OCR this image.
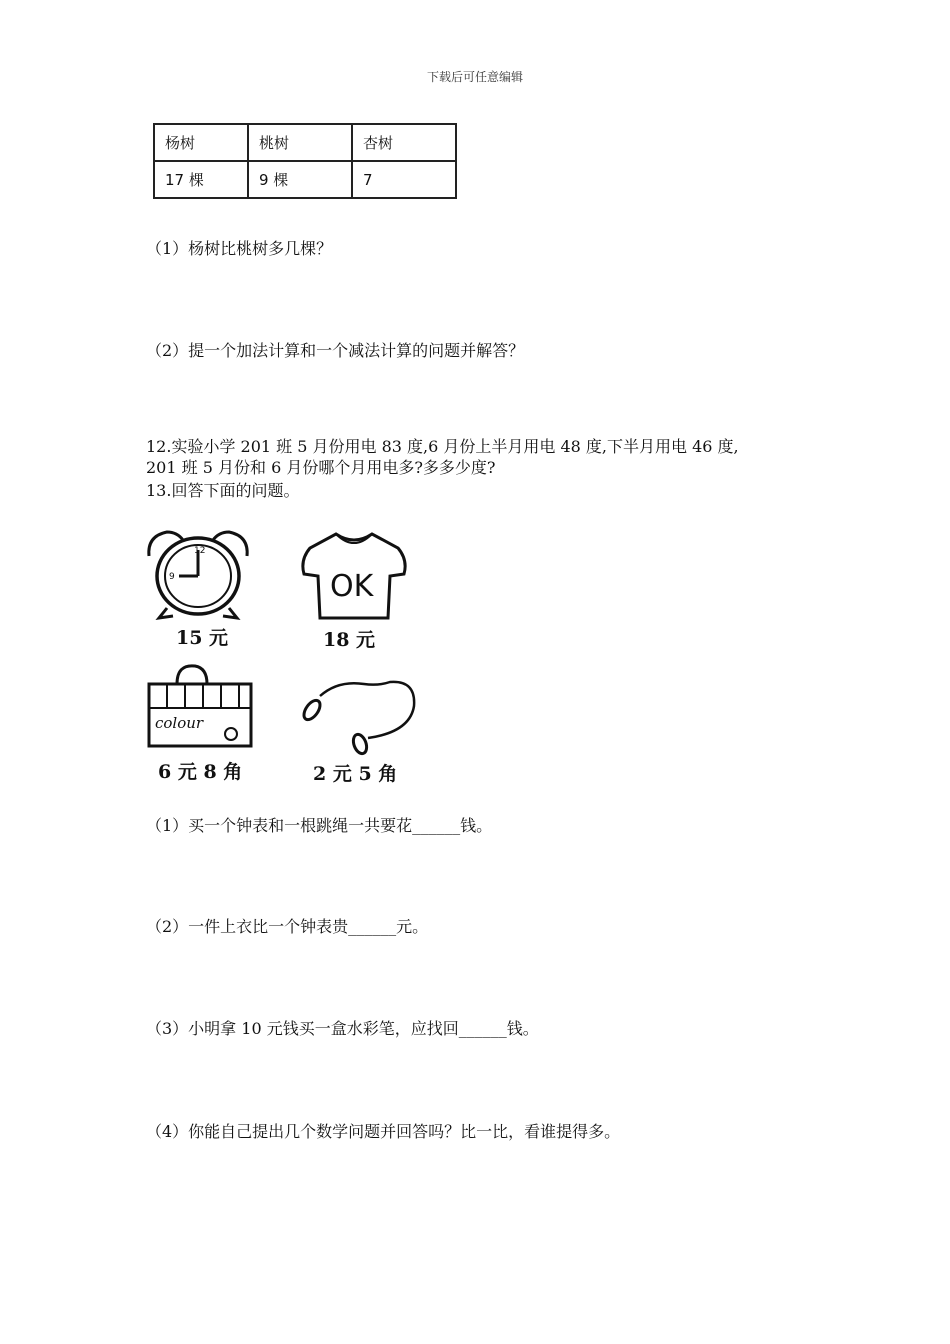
下载后可任意编辑
杨树	桃树	杏树
17 棵	9 棵	7
（1）杨树比桃树多几棵？
（2）提一个加法计算和一个减法计算的问题并解答？
12.实验小学 201 班 5 月份用电 83 度,6 月份上半月用电 48 度,下半月用电 46 度,
201 班 5 月份和 6 月份哪个月用电多?多多少度?
13.回答下面的问题。
12
9
15 元
OK
18 元
colour
6 元 8 角	2 元 5 角
（1）买一个钟表和一根跳绳一共要花______钱。
（2）一件上衣比一个钟表贵______元。
（3）小明拿 10 元钱买一盒水彩笔，应找回______钱。
（4）你能自己提出几个数学问题并回答吗？比一比，看谁提得多。
